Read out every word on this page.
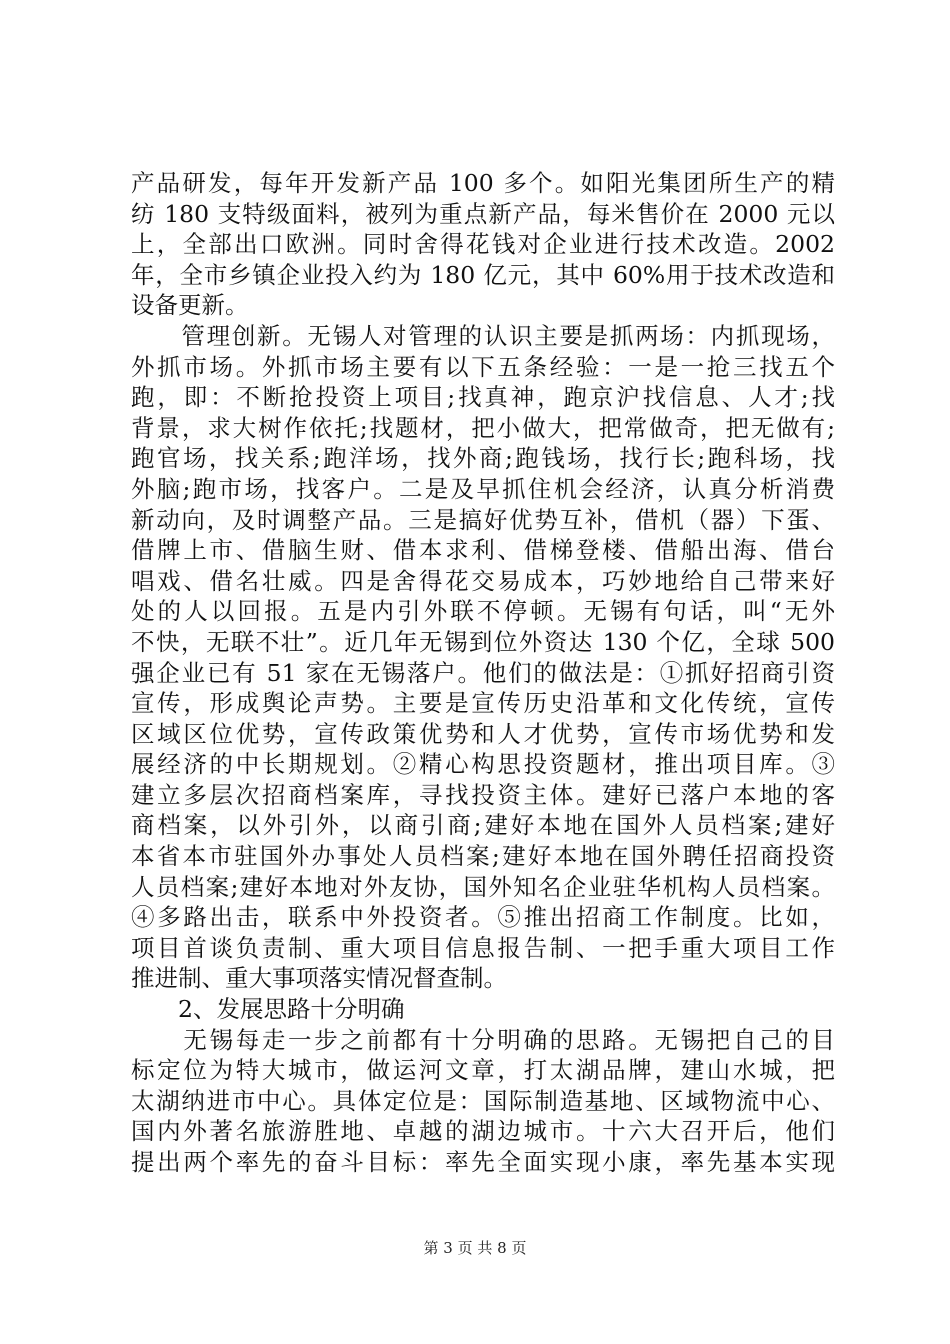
产品研发，每年开发新产品 100 多个。如阳光集团所生产的精
纺 180 支特级面料，被列为重点新产品，每米售价在 2000 元以
上，全部出口欧洲。同时舍得花钱对企业进行技术改造。2002
年，全市乡镇企业投入约为 180 亿元，其中 60%用于技术改造和
设备更新。
　　管理创新。无锡人对管理的认识主要是抓两场：内抓现场，
外抓市场。外抓市场主要有以下五条经验：一是一抢三找五个
跑，即：不断抢投资上项目;找真神，跑京沪找信息、人才;找
背景，求大树作依托;找题材，把小做大，把常做奇，把无做有;
跑官场，找关系;跑洋场，找外商;跑钱场，找行长;跑科场，找
外脑;跑市场，找客户。二是及早抓住机会经济，认真分析消费
新动向，及时调整产品。三是搞好优势互补，借机（器）下蛋、
借牌上市、借脑生财、借本求利、借梯登楼、借船出海、借台
唱戏、借名壮威。四是舍得花交易成本，巧妙地给自己带来好
处的人以回报。五是内引外联不停顿。无锡有句话，叫“无外
不快，无联不壮”。近几年无锡到位外资达 130 个亿，全球 500
强企业已有 51 家在无锡落户。他们的做法是：①抓好招商引资
宣传，形成舆论声势。主要是宣传历史沿革和文化传统，宣传
区域区位优势，宣传政策优势和人才优势，宣传市场优势和发
展经济的中长期规划。②精心构思投资题材，推出项目库。③
建立多层次招商档案库，寻找投资主体。建好已落户本地的客
商档案，以外引外，以商引商;建好本地在国外人员档案;建好
本省本市驻国外办事处人员档案;建好本地在国外聘任招商投资
人员档案;建好本地对外友协，国外知名企业驻华机构人员档案。
④多路出击，联系中外投资者。⑤推出招商工作制度。比如，
项目首谈负责制、重大项目信息报告制、一把手重大项目工作
推进制、重大事项落实情况督查制。
　　2、发展思路十分明确
　　无锡每走一步之前都有十分明确的思路。无锡把自己的目
标定位为特大城市，做运河文章，打太湖品牌，建山水城，把
太湖纳进市中心。具体定位是：国际制造基地、区域物流中心、
国内外著名旅游胜地、卓越的湖边城市。十六大召开后，他们
提出两个率先的奋斗目标：率先全面实现小康，率先基本实现
第 3 页 共 8 页
